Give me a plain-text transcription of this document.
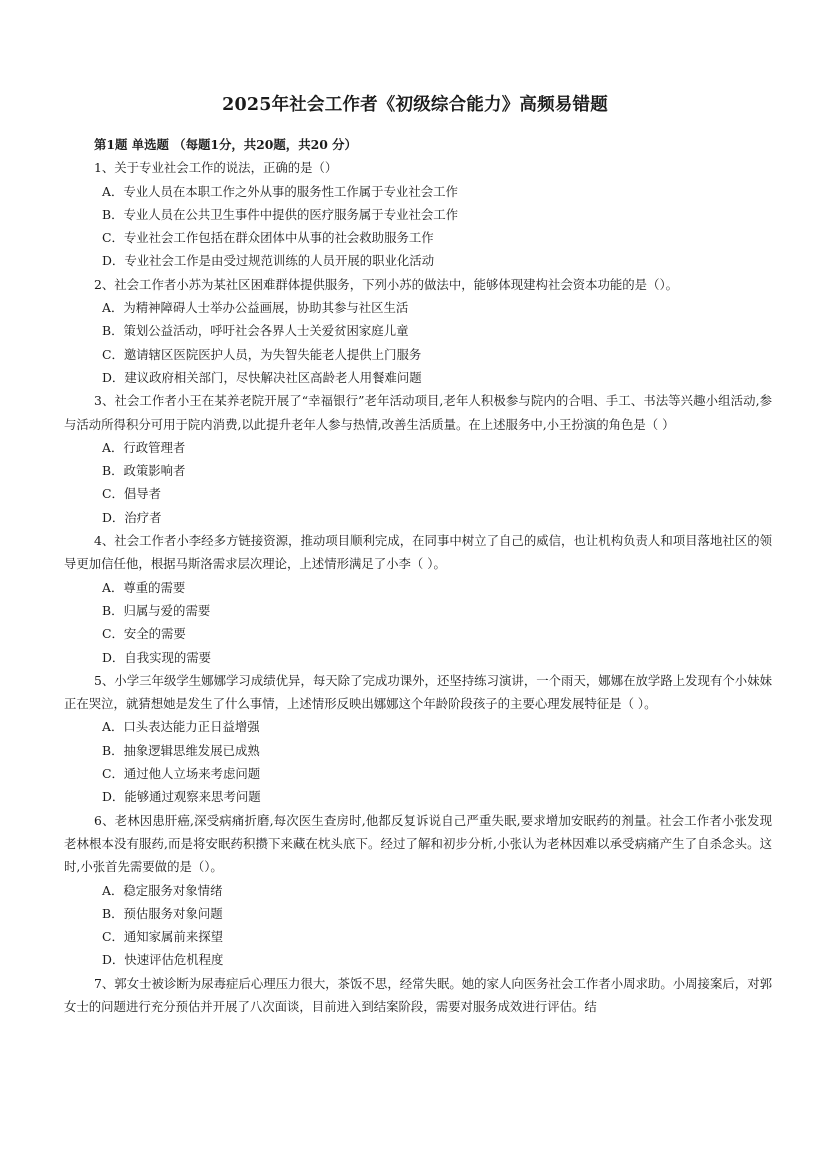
2025年社会工作者《初级综合能力》高频易错题
第1题 单选题 （每题1分，共20题，共20 分）
1、关于专业社会工作的说法，正确的是（）
A．专业人员在本职工作之外从事的服务性工作属于专业社会工作
B．专业人员在公共卫生事件中提供的医疗服务属于专业社会工作
C．专业社会工作包括在群众团体中从事的社会救助服务工作
D．专业社会工作是由受过规范训练的人员开展的职业化活动
2、社会工作者小苏为某社区困难群体提供服务，下列小苏的做法中，能够体现建构社会资本功能的是（）。
A．为精神障碍人士举办公益画展，协助其参与社区生活
B．策划公益活动，呼吁社会各界人士关爱贫困家庭儿童
C．邀请辖区医院医护人员，为失智失能老人提供上门服务
D．建议政府相关部门，尽快解决社区高龄老人用餐难问题
3、社会工作者小王在某养老院开展了“幸福银行”老年活动项目,老年人积极参与院内的合唱、手工、书法等兴趣小组活动,参与活动所得积分可用于院内消费,以此提升老年人参与热情,改善生活质量。在上述服务中,小王扮演的角色是（ ）
A．行政管理者
B．政策影响者
C．倡导者
D．治疗者
4、社会工作者小李经多方链接资源，推动项目顺利完成，在同事中树立了自己的威信，也让机构负责人和项目落地社区的领导更加信任他，根据马斯洛需求层次理论，上述情形满足了小李（ ）。
A．尊重的需要
B．归属与爱的需要
C．安全的需要
D．自我实现的需要
5、小学三年级学生娜娜学习成绩优异，每天除了完成功课外，还坚持练习演讲，一个雨天，娜娜在放学路上发现有个小妹妹正在哭泣，就猜想她是发生了什么事情，上述情形反映出娜娜这个年龄阶段孩子的主要心理发展特征是（ ）。
A．口头表达能力正日益增强
B．抽象逻辑思维发展已成熟
C．通过他人立场来考虑问题
D．能够通过观察来思考问题
6、老林因患肝癌,深受病痛折磨,每次医生查房时,他都反复诉说自己严重失眠,要求增加安眠药的剂量。社会工作者小张发现老林根本没有服药,而是将安眠药积攒下来藏在枕头底下。经过了解和初步分析,小张认为老林因难以承受病痛产生了自杀念头。这时,小张首先需要做的是（）。
A．稳定服务对象情绪
B．预估服务对象问题
C．通知家属前来探望
D．快速评估危机程度
7、郭女士被诊断为尿毒症后心理压力很大，茶饭不思，经常失眠。她的家人向医务社会工作者小周求助。小周接案后，对郭女士的问题进行充分预估并开展了八次面谈，目前进入到结案阶段，需要对服务成效进行评估。结
